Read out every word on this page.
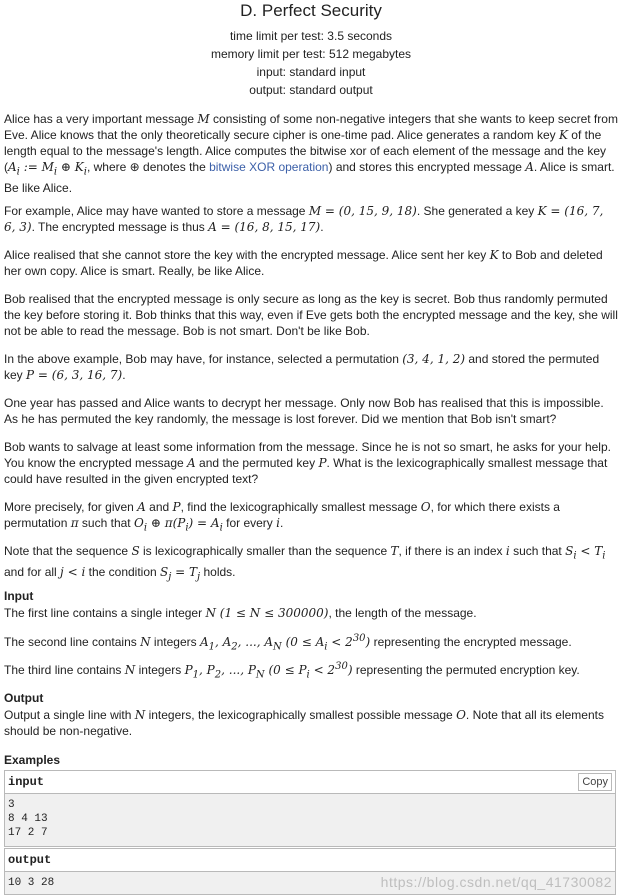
D. Perfect Security
time limit per test: 3.5 seconds
memory limit per test: 512 megabytes
input: standard input
output: standard output

Alice has a very important message M consisting of some non-negative integers that she wants to keep secret from Eve. Alice knows that the only theoretically secure cipher is one-time pad. Alice generates a random key K of the length equal to the message's length. Alice computes the bitwise xor of each element of the message and the key ($A_i$ := $M_i$ ⊕ $K_i$, where ⊕ denotes the bitwise XOR operation) and stores this encrypted message A. Alice is smart. Be like Alice.

For example, Alice may have wanted to store a message M = (0, 15, 9, 18). She generated a key K = (16, 7, 6, 3). The encrypted message is thus A = (16, 8, 15, 17).

Alice realised that she cannot store the key with the encrypted message. Alice sent her key K to Bob and deleted her own copy. Alice is smart. Really, be like Alice.

Bob realised that the encrypted message is only secure as long as the key is secret. Bob thus randomly permuted the key before storing it. Bob thinks that this way, even if Eve gets both the encrypted message and the key, she will not be able to read the message. Bob is not smart. Don't be like Bob.

In the above example, Bob may have, for instance, selected a permutation (3, 4, 1, 2) and stored the permuted key P = (6, 3, 16, 7).

One year has passed and Alice wants to decrypt her message. Only now Bob has realised that this is impossible. As he has permuted the key randomly, the message is lost forever. Did we mention that Bob isn't smart?

Bob wants to salvage at least some information from the message. Since he is not so smart, he asks for your help. You know the encrypted message A and the permuted key P. What is the lexicographically smallest message that could have resulted in the given encrypted text?

More precisely, for given A and P, find the lexicographically smallest message O, for which there exists a permutation π such that $O_i$ ⊕ $\pi(P_i) = A_i$ for every i.

Note that the sequence S is lexicographically smaller than the sequence T, if there is an index i such that $S_i < T_i$ and for all j < i the condition $S_j = T_j$ holds.

Input

The first line contains a single integer N (1 ≤ N ≤ 300000), the length of the message.

The second line contains N integers $A_1$, $A_2$, ..., $A_N$ $(0 \le A_i < 2^{30})$ representing the encrypted message.

The third line contains N integers $P_1$, $P_2$, ..., $P_N$ $(0 \le P_i < 2^{30})$ representing the permuted encryption key.

Output

Output a single line with N integers, the lexicographically smallest possible message O. Note that all its elements should be non-negative.

Examples
input	Copy
3
8 4 13
17 2 7
output
10 3 28	https://blog.csdn.net/qq_41730082
